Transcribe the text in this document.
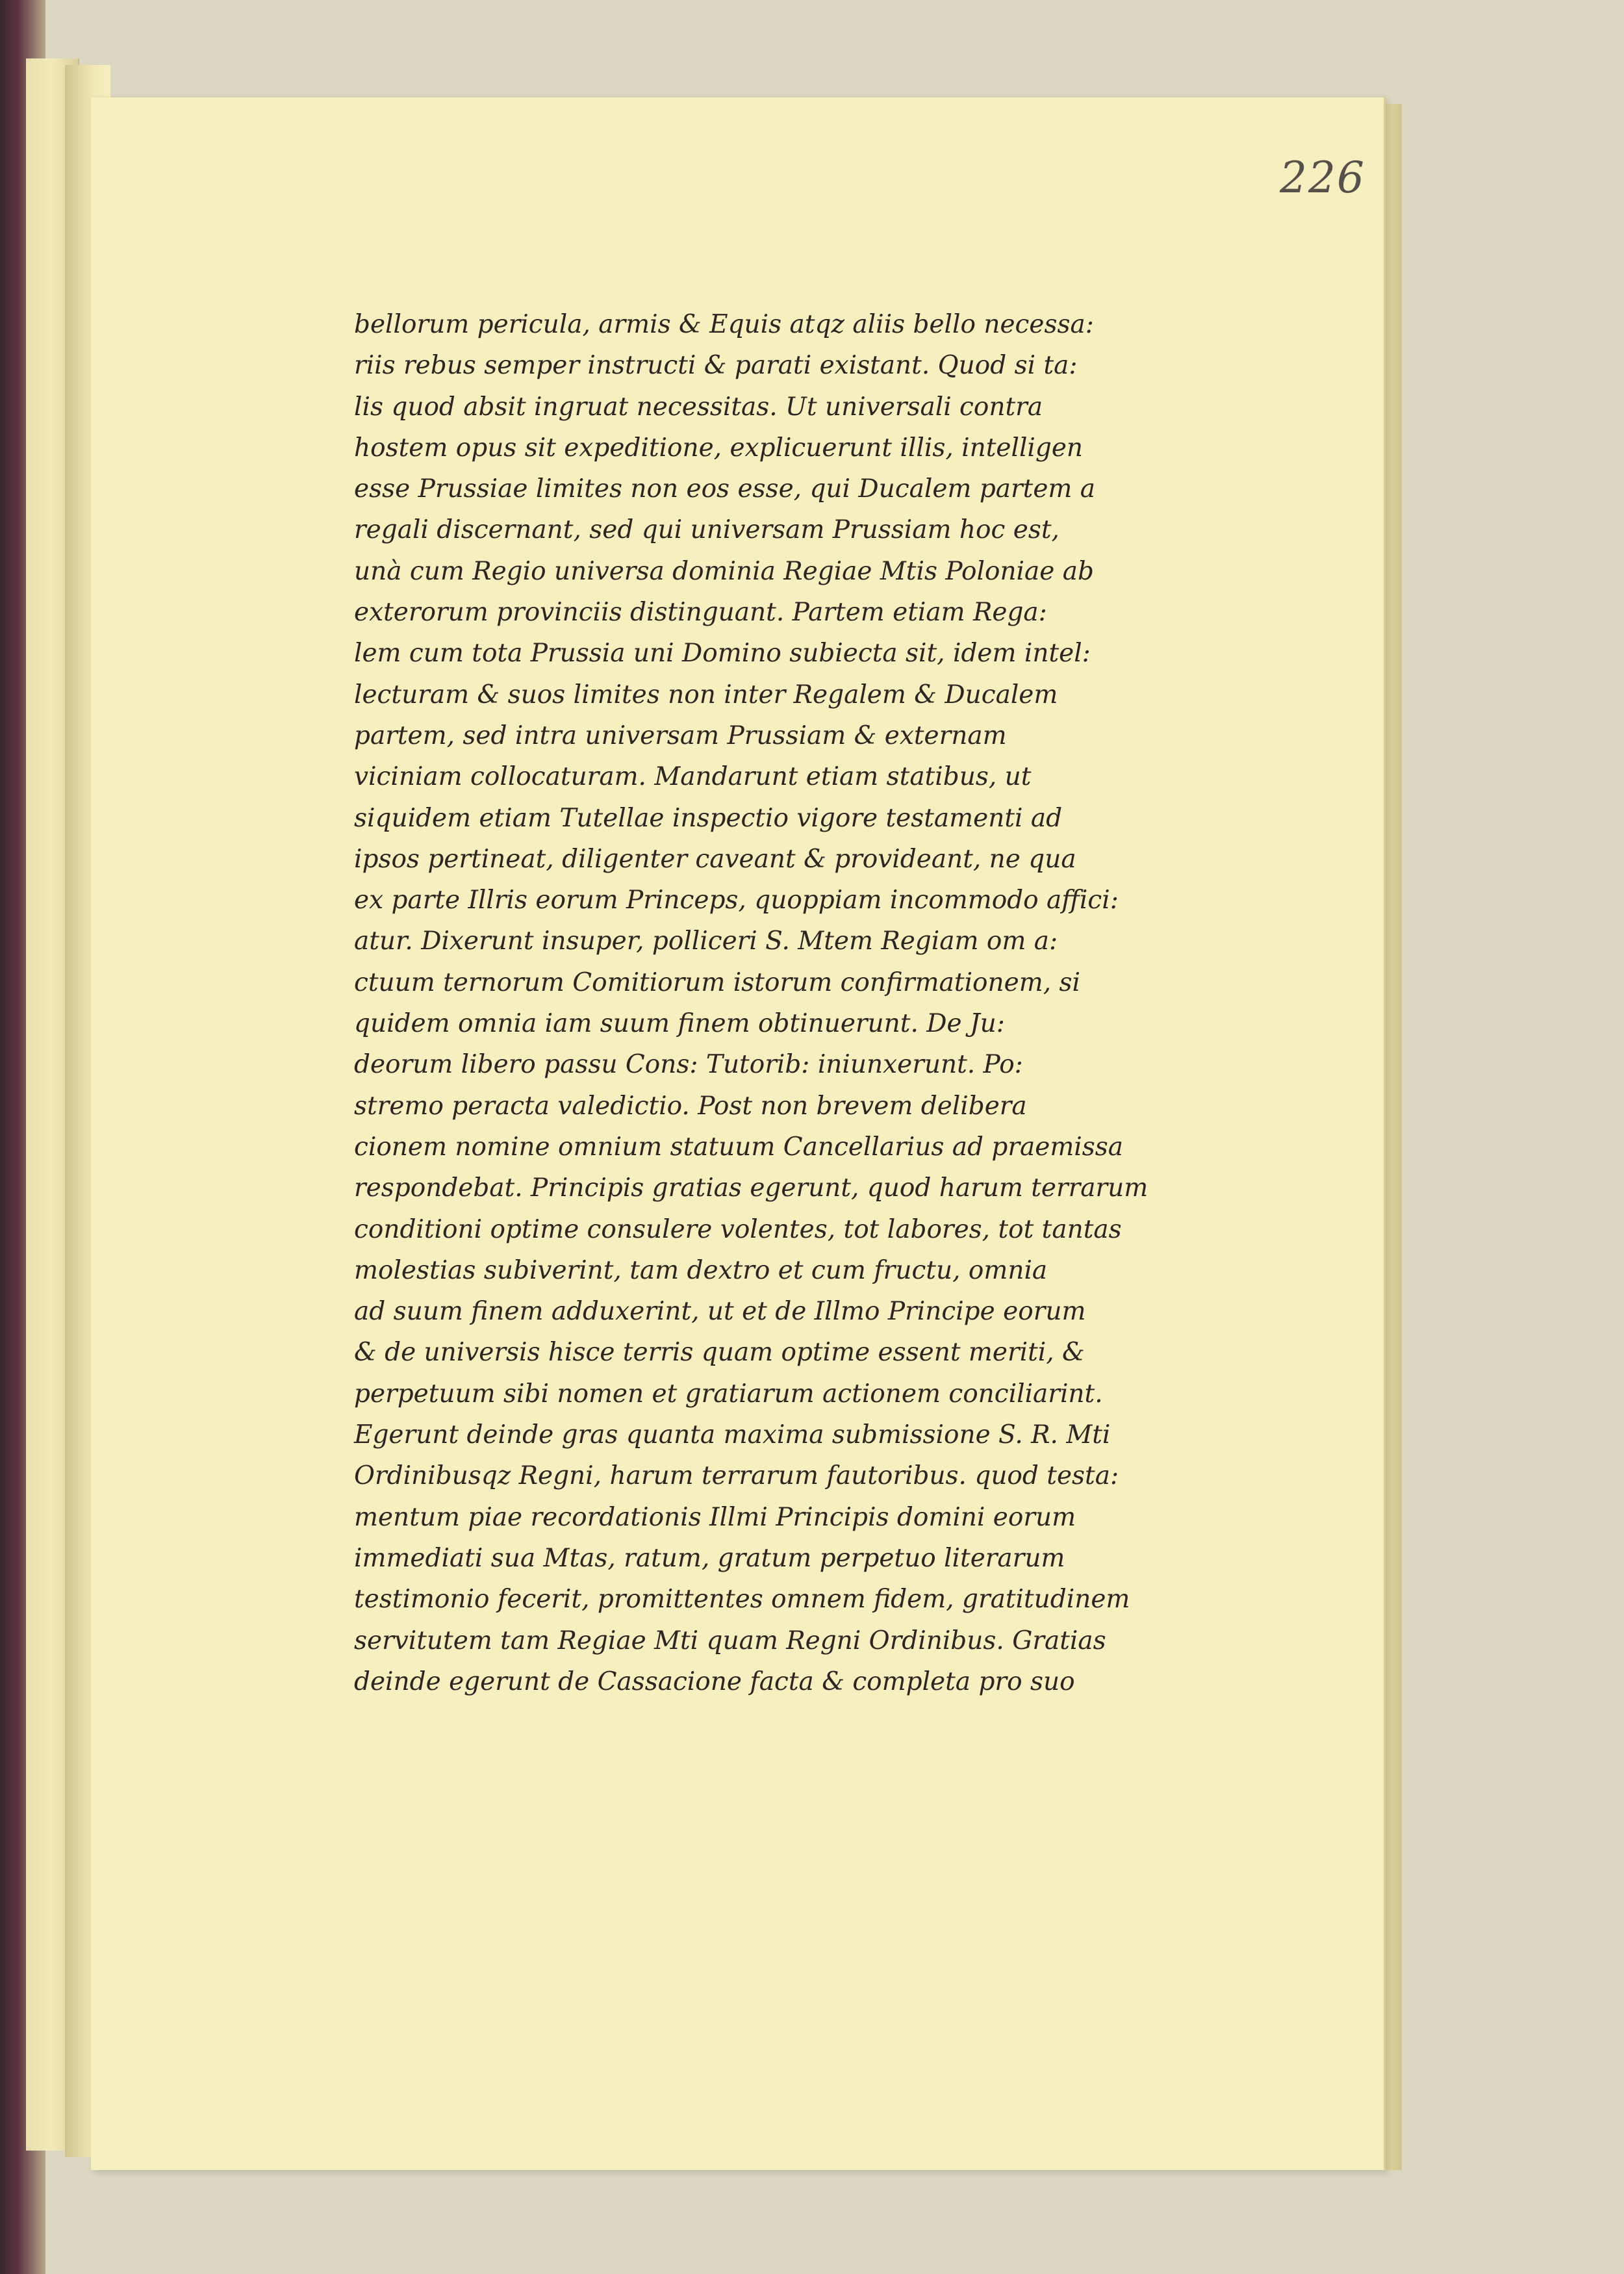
226
bellorum pericula, armis & Equis atqz aliis bello necessa:
riis rebus semper instructi & parati existant. Quod si ta:
lis quod absit ingruat necessitas. Ut universali contra
hostem opus sit expeditione, explicuerunt illis, intelligen
esse Prussiae limites non eos esse, qui Ducalem partem a
regali discernant, sed qui universam Prussiam hoc est,
unà cum Regio universa dominia Regiae Mtis Poloniae ab
exterorum provinciis distinguant. Partem etiam Rega:
lem cum tota Prussia uni Domino subiecta sit, idem intel:
lecturam & suos limites non inter Regalem & Ducalem
partem, sed intra universam Prussiam & externam
viciniam collocaturam. Mandarunt etiam statibus, ut
siquidem etiam Tutellae inspectio vigore testamenti ad
ipsos pertineat, diligenter caveant & provideant, ne qua
ex parte Illris eorum Princeps, quoppiam incommodo affici:
atur. Dixerunt insuper, polliceri S. Mtem Regiam om a:
ctuum ternorum Comitiorum istorum confirmationem, si
quidem omnia iam suum finem obtinuerunt. De Ju:
deorum libero passu Cons: Tutorib: iniunxerunt. Po:
stremo peracta valedictio. Post non brevem delibera
cionem nomine omnium statuum Cancellarius ad praemissa
respondebat. Principis gratias egerunt, quod harum terrarum
conditioni optime consulere volentes, tot labores, tot tantas
molestias subiverint, tam dextro et cum fructu, omnia
ad suum finem adduxerint, ut et de Illmo Principe eorum
& de universis hisce terris quam optime essent meriti, &
perpetuum sibi nomen et gratiarum actionem conciliarint.
Egerunt deinde gras quanta maxima submissione S. R. Mti
Ordinibusqz Regni, harum terrarum fautoribus. quod testa:
mentum piae recordationis Illmi Principis domini eorum
immediati sua Mtas, ratum, gratum perpetuo literarum
testimonio fecerit, promittentes omnem fidem, gratitudinem
servitutem tam Regiae Mti quam Regni Ordinibus. Gratias
deinde egerunt de Cassacione facta & completa pro suo
